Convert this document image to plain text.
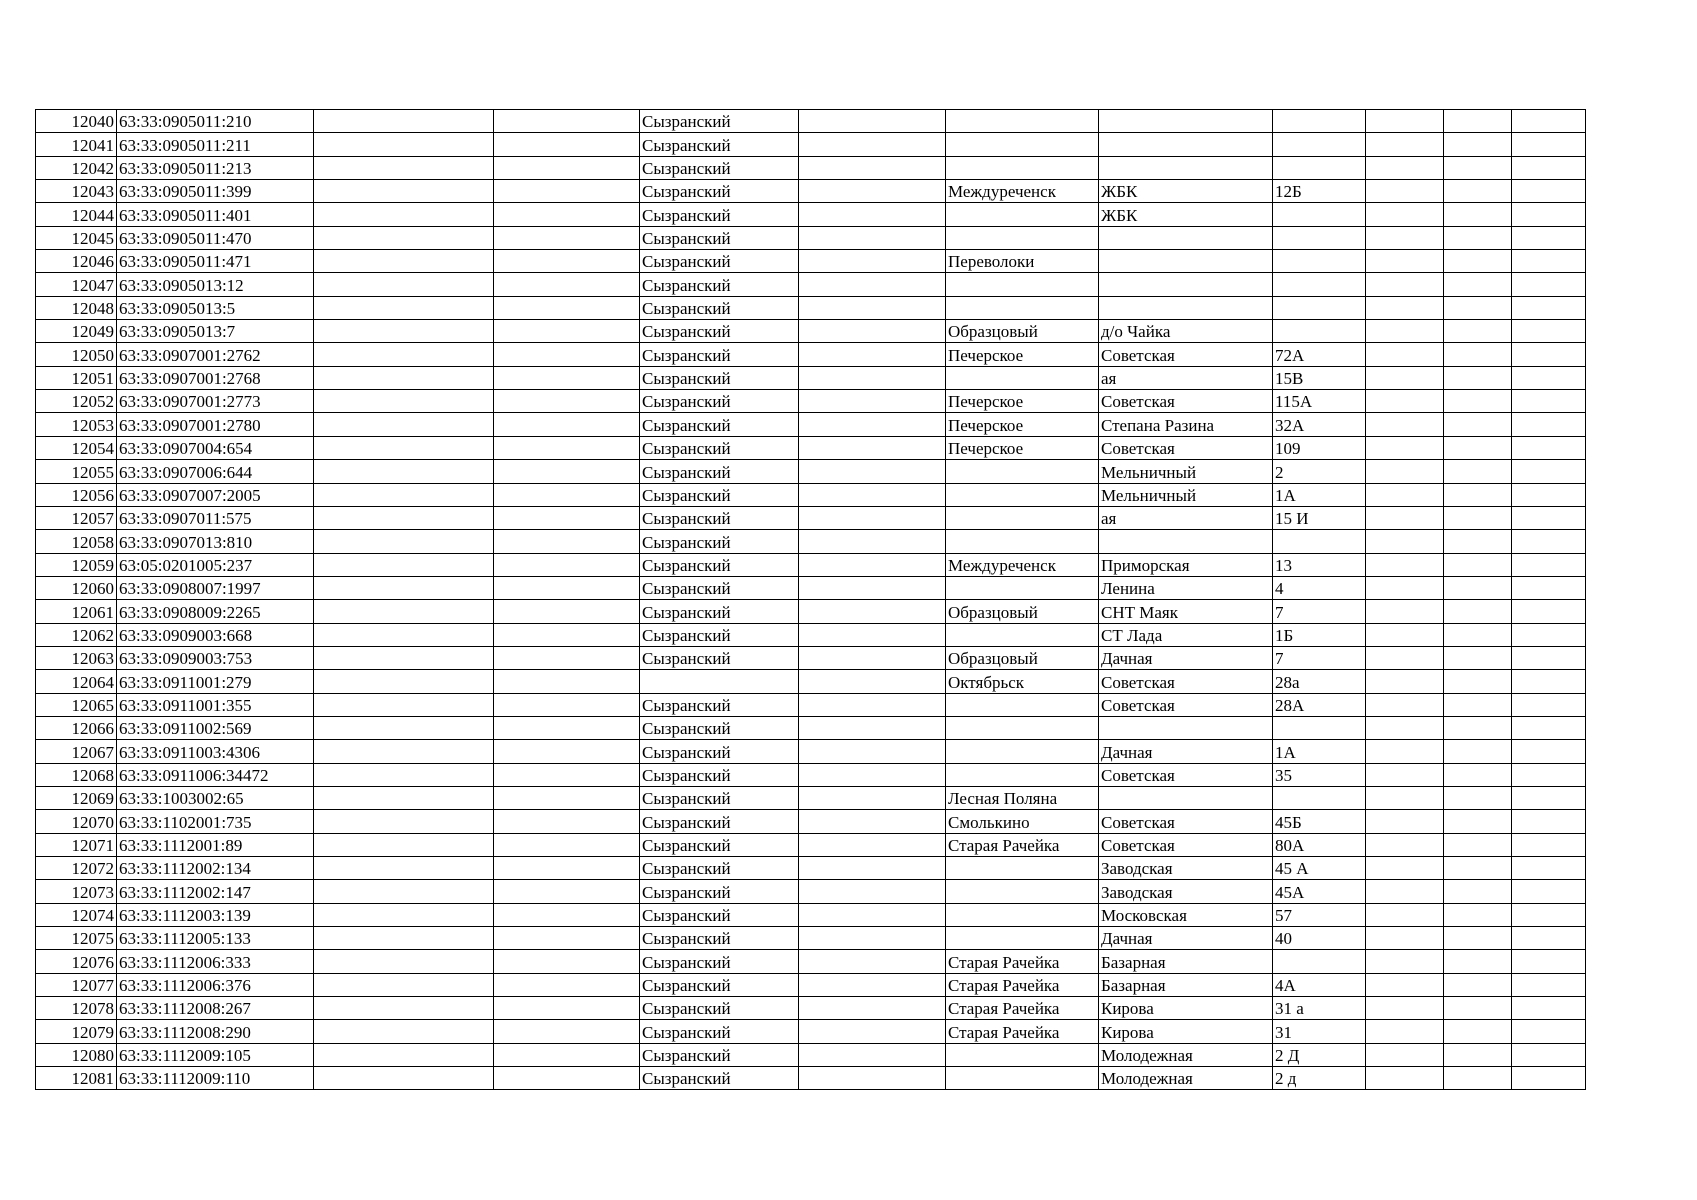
12040	63:33:0905011:210			Сызранский							
12041	63:33:0905011:211			Сызранский							
12042	63:33:0905011:213			Сызранский							
12043	63:33:0905011:399			Сызранский		Междуреченск	ЖБК	12Б			
12044	63:33:0905011:401			Сызранский			ЖБК				
12045	63:33:0905011:470			Сызранский							
12046	63:33:0905011:471			Сызранский		Переволоки					
12047	63:33:0905013:12			Сызранский							
12048	63:33:0905013:5			Сызранский							
12049	63:33:0905013:7			Сызранский		Образцовый	д/о Чайка				
12050	63:33:0907001:2762			Сызранский		Печерское	Советская	72А			
12051	63:33:0907001:2768			Сызранский			ая	15В			
12052	63:33:0907001:2773			Сызранский		Печерское	Советская	115А			
12053	63:33:0907001:2780			Сызранский		Печерское	Степана Разина	32А			
12054	63:33:0907004:654			Сызранский		Печерское	Советская	109			
12055	63:33:0907006:644			Сызранский			Мельничный	2			
12056	63:33:0907007:2005			Сызранский			Мельничный	1А			
12057	63:33:0907011:575			Сызранский			ая	15 И			
12058	63:33:0907013:810			Сызранский							
12059	63:05:0201005:237			Сызранский		Междуреченск	Приморская	13			
12060	63:33:0908007:1997			Сызранский			Ленина	4			
12061	63:33:0908009:2265			Сызранский		Образцовый	СНТ Маяк	7			
12062	63:33:0909003:668			Сызранский			СТ Лада	1Б			
12063	63:33:0909003:753			Сызранский		Образцовый	Дачная	7			
12064	63:33:0911001:279					Октябрьск	Советская	28а			
12065	63:33:0911001:355			Сызранский			Советская	28А			
12066	63:33:0911002:569			Сызранский							
12067	63:33:0911003:4306			Сызранский			Дачная	1А			
12068	63:33:0911006:34472			Сызранский			Советская	35			
12069	63:33:1003002:65			Сызранский		Лесная Поляна					
12070	63:33:1102001:735			Сызранский		Смолькино	Советская	45Б			
12071	63:33:1112001:89			Сызранский		Старая Рачейка	Советская	80А			
12072	63:33:1112002:134			Сызранский			Заводская	45 А			
12073	63:33:1112002:147			Сызранский			Заводская	45А			
12074	63:33:1112003:139			Сызранский			Московская	57			
12075	63:33:1112005:133			Сызранский			Дачная	40			
12076	63:33:1112006:333			Сызранский		Старая Рачейка	Базарная				
12077	63:33:1112006:376			Сызранский		Старая Рачейка	Базарная	4А			
12078	63:33:1112008:267			Сызранский		Старая Рачейка	Кирова	31 а			
12079	63:33:1112008:290			Сызранский		Старая Рачейка	Кирова	31			
12080	63:33:1112009:105			Сызранский			Молодежная	2 Д			
12081	63:33:1112009:110			Сызранский			Молодежная	2 д			
